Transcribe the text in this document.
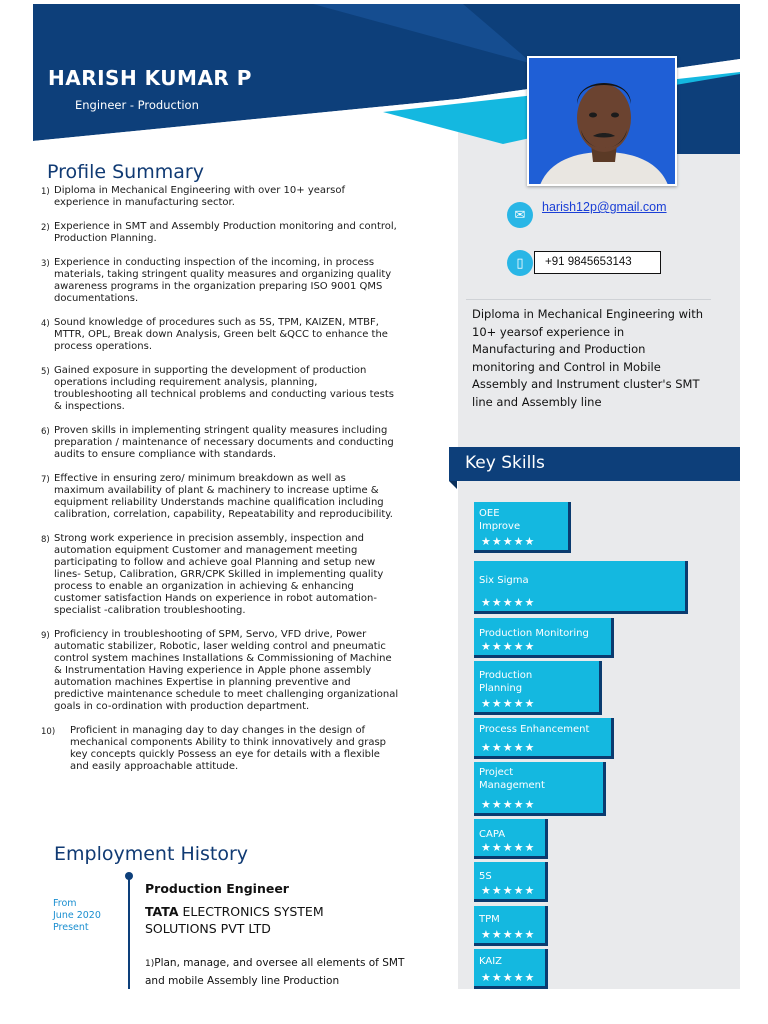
HARISH KUMAR P
Engineer - Production
✉
harish12p@gmail.com
▯	+91 9845653143
Diploma in Mechanical Engineering with 10+ yearsof experience in Manufacturing and Production monitoring and Control in Mobile Assembly and Instrument cluster's SMT line and Assembly line
Key Skills
OEE
Improve
★★★★★
Six Sigma
★★★★★
Production Monitoring
★★★★★
Production
Planning
★★★★★
Process Enhancement
★★★★★
Project
Management
★★★★★
CAPA
★★★★★
5S
★★★★★
TPM
★★★★★
KAIZ
★★★★★
Profile Summary
1) Diploma in Mechanical Engineering with over 10+ yearsof experience in manufacturing sector.
2) Experience in SMT and Assembly Production monitoring and control, Production Planning.
3) Experience in conducting inspection of the incoming, in process materials, taking stringent quality measures and organizing quality awareness programs in the organization preparing ISO 9001 QMS documentations.
4) Sound knowledge of procedures such as 5S, TPM, KAIZEN, MTBF, MTTR, OPL, Break down Analysis, Green belt &QCC to enhance the process operations.
5) Gained exposure in supporting the development of production operations including requirement analysis, planning, troubleshooting all technical problems and conducting various tests & inspections.
6) Proven skills in implementing stringent quality measures including preparation / maintenance of necessary documents and conducting audits to ensure compliance with standards.
7) Effective in ensuring zero/ minimum breakdown as well as maximum availability of plant & machinery to increase uptime & equipment reliability Understands machine qualification including calibration, correlation, capability, Repeatability and reproducibility.
8) Strong work experience in precision assembly, inspection and automation equipment Customer and management meeting participating to follow and achieve goal Planning and setup new lines- Setup, Calibration, GRR/CPK Skilled in implementing quality process to enable an organization in achieving & enhancing customer satisfaction Hands on experience in robot automation-specialist -calibration troubleshooting.
9) Proficiency in troubleshooting of SPM, Servo, VFD drive, Power automatic stabilizer, Robotic, laser welding control and pneumatic control system machines Installations & Commissioning of Machine & Instrumentation Having experience in Apple phone assembly automation machines Expertise in planning preventive and predictive maintenance schedule to meet challenging organizational goals in co-ordination with production department.
10)	Proficient in managing day to day changes in the design of mechanical components Ability to think innovatively and grasp key concepts quickly Possess an eye for details with a flexible and easily approachable attitude.
Employment History
From
June 2020
Present
Production Engineer
TATA ELECTRONICS SYSTEM SOLUTIONS PVT LTD
1)Plan, manage, and oversee all elements of SMT and mobile Assembly line Production
